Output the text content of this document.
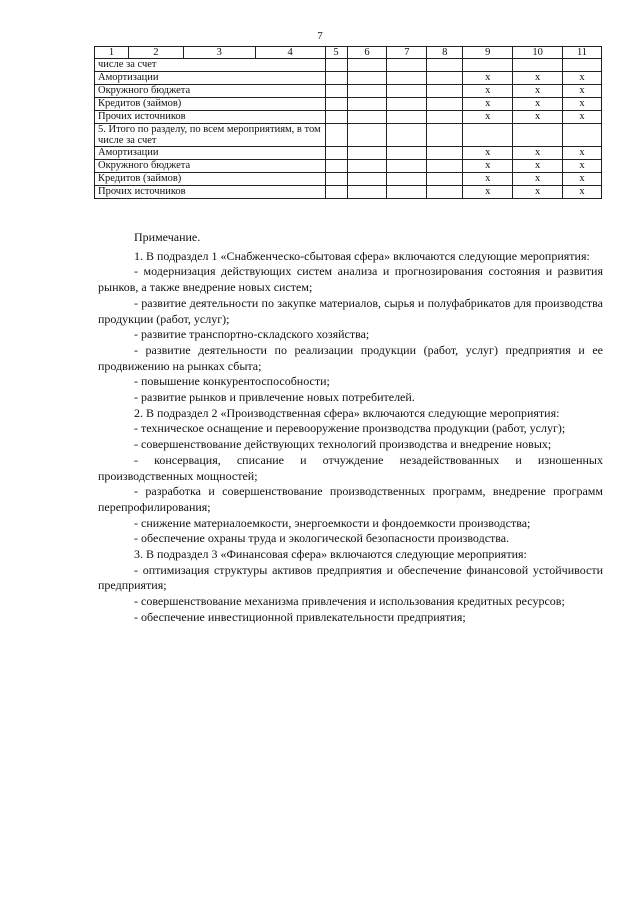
7
1	2	3	4	5	6	7	8	9	10	11
числе за счет										
Амортизации								x	x	x
Окружного бюджета								x	x	x
Кредитов (займов)								x	x	x
Прочих источников								x	x	x
5. Итого по разделу, по всем мероприятиям, в том числе за счет										
Амортизации								x	x	x
Окружного бюджета								x	x	x
Кредитов (займов)								x	x	x
Прочих источников								x	x	x

Примечание.

1. В подраздел 1 «Снабженческо-сбытовая сфера» включаются следующие мероприятия:

- модернизация действующих систем анализа и прогнозирования состояния и развития рынков, а также внедрение новых систем;

- развитие деятельности по закупке материалов, сырья и полуфабрикатов для производства продукции (работ, услуг);

- развитие транспортно-складского хозяйства;

- развитие деятельности по реализации продукции (работ, услуг) предприятия и ее продвижению на рынках сбыта;

- повышение конкурентоспособности;

- развитие рынков и привлечение новых потребителей.

2. В подраздел 2 «Производственная сфера» включаются следующие мероприятия:

- техническое оснащение и перевооружение производства продукции (работ, услуг);

- совершенствование действующих технологий производства и внедрение новых;

- консервация, списание и отчуждение незадействованных и изношенных производственных мощностей;

- разработка и совершенствование производственных программ, внедрение программ перепрофилирования;

- снижение материалоемкости, энергоемкости и фондоемкости производства;

- обеспечение охраны труда и экологической безопасности производства.

3. В подраздел 3 «Финансовая сфера» включаются следующие мероприятия:

- оптимизация структуры активов предприятия и обеспечение финансовой устойчивости предприятия;

- совершенствование механизма привлечения и использования кредитных ресурсов;

- обеспечение инвестиционной привлекательности предприятия;
